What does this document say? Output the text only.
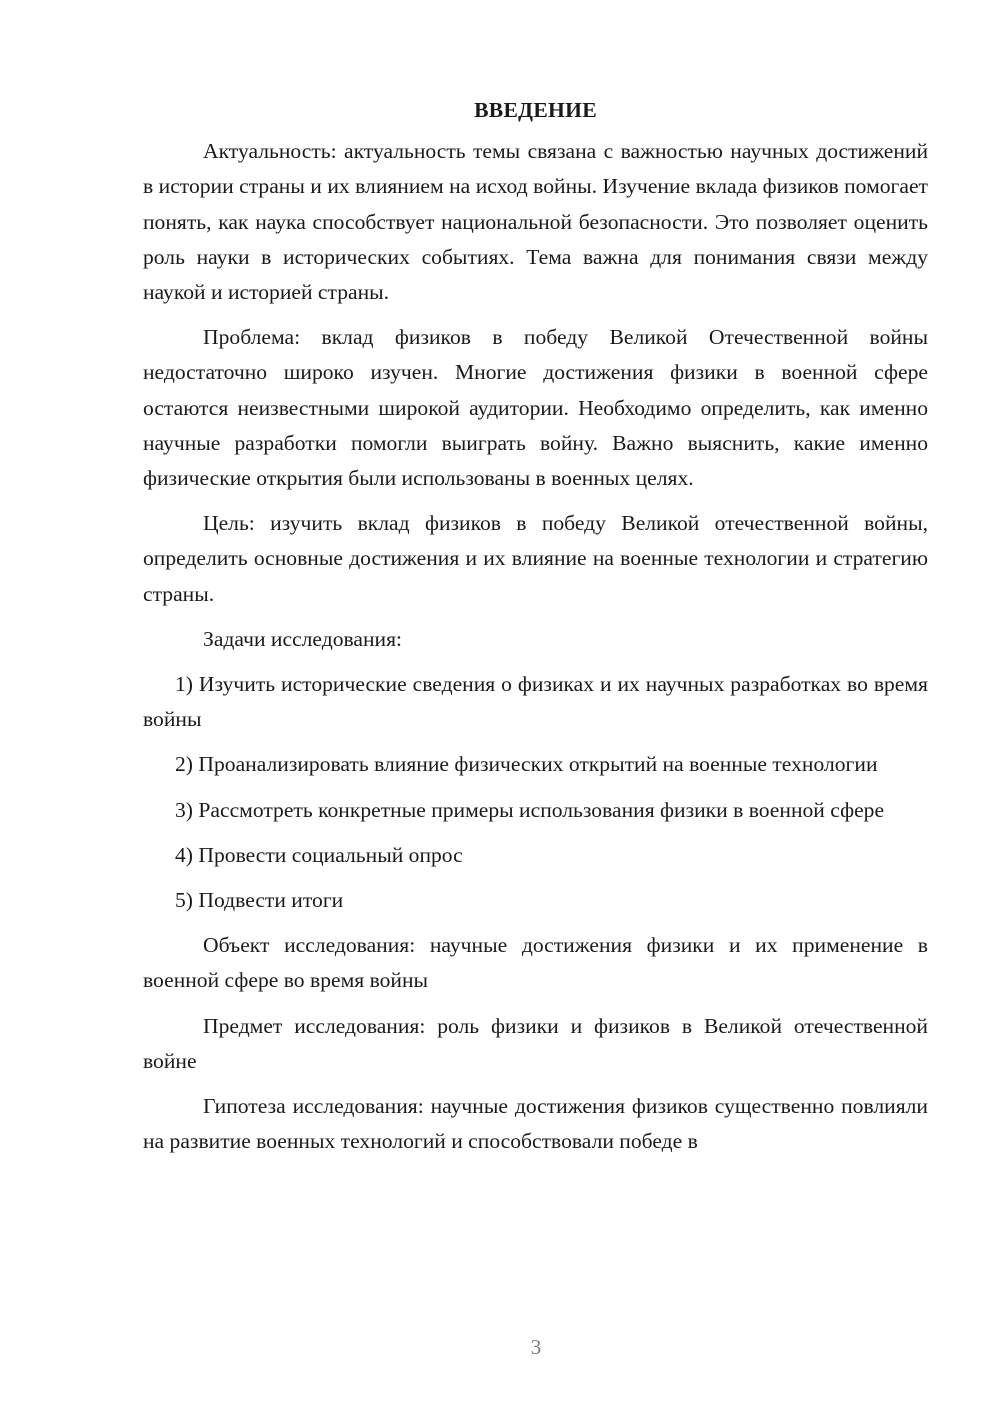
ВВЕДЕНИЕ

Актуальность: актуальность темы связана с важностью научных достижений в истории страны и их влиянием на исход войны. Изучение вклада физиков помогает понять, как наука способствует национальной безопасности. Это позволяет оценить роль науки в исторических событиях. Тема важна для понимания связи между наукой и историей страны.

Проблема: вклад физиков в победу Великой Отечественной войны недостаточно широко изучен. Многие достижения физики в военной сфере остаются неизвестными широкой аудитории. Необходимо определить, как именно научные разработки помогли выиграть войну. Важно выяснить, какие именно физические открытия были использованы в военных целях.

Цель: изучить вклад физиков в победу Великой отечественной войны, определить основные достижения и их влияние на военные технологии и стратегию страны.

Задачи исследования:

1) Изучить исторические сведения о физиках и их научных разработках во время войны

2) Проанализировать влияние физических открытий на военные технологии

3) Рассмотреть конкретные примеры использования физики в военной сфере

4) Провести социальный опрос

5) Подвести итоги

Объект исследования: научные достижения физики и их применение в военной сфере во время войны

Предмет исследования: роль физики и физиков в Великой отечественной войне

Гипотеза исследования: научные достижения физиков существенно повлияли на развитие военных технологий и способствовали победе в

3
